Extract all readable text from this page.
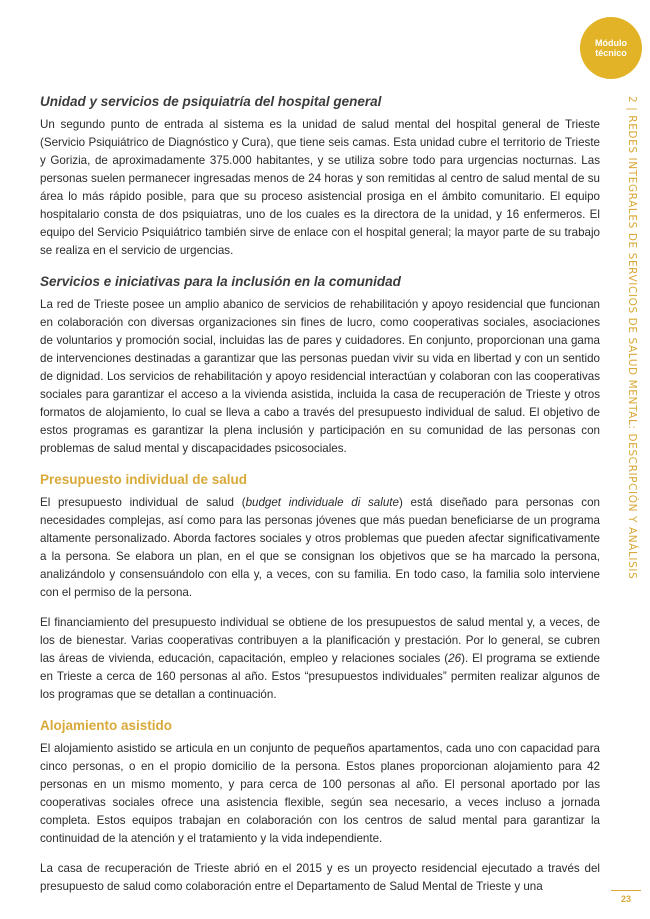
Módulo
técnico
2 | REDES INTEGRALES DE SERVICIOS DE SALUD MENTAL: DESCRIPCIÓN Y ANÁLISIS
Unidad y servicios de psiquiatría del hospital general

Un segundo punto de entrada al sistema es la unidad de salud mental del hospital general de Trieste (Servicio Psiquiátrico de Diagnóstico y Cura), que tiene seis camas. Esta unidad cubre el territorio de Trieste y Gorizia, de aproximadamente 375.000 habitantes, y se utiliza sobre todo para urgencias nocturnas. Las personas suelen permanecer ingresadas menos de 24 horas y son remitidas al centro de salud mental de su área lo más rápido posible, para que su proceso asistencial prosiga en el ámbito comunitario. El equipo hospitalario consta de dos psiquiatras, uno de los cuales es la directora de la unidad, y 16 enfermeros. El equipo del Servicio Psiquiátrico también sirve de enlace con el hospital general; la mayor parte de su trabajo se realiza en el servicio de urgencias.

Servicios e iniciativas para la inclusión en la comunidad

La red de Trieste posee un amplio abanico de servicios de rehabilitación y apoyo residencial que funcionan en colaboración con diversas organizaciones sin fines de lucro, como cooperativas sociales, asociaciones de voluntarios y promoción social, incluidas las de pares y cuidadores. En conjunto, proporcionan una gama de intervenciones destinadas a garantizar que las personas puedan vivir su vida en libertad y con un sentido de dignidad. Los servicios de rehabilitación y apoyo residencial interactúan y colaboran con las cooperativas sociales para garantizar el acceso a la vivienda asistida, incluida la casa de recuperación de Trieste y otros formatos de alojamiento, lo cual se lleva a cabo a través del presupuesto individual de salud. El objetivo de estos programas es garantizar la plena inclusión y participación en su comunidad de las personas con problemas de salud mental y discapacidades psicosociales.

Presupuesto individual de salud

El presupuesto individual de salud (budget individuale di salute) está diseñado para personas con necesidades complejas, así como para las personas jóvenes que más puedan beneficiarse de un programa altamente personalizado. Aborda factores sociales y otros problemas que pueden afectar significativamente a la persona. Se elabora un plan, en el que se consignan los objetivos que se ha marcado la persona, analizándolo y consensuándolo con ella y, a veces, con su familia. En todo caso, la familia solo interviene con el permiso de la persona.

El financiamiento del presupuesto individual se obtiene de los presupuestos de salud mental y, a veces, de los de bienestar. Varias cooperativas contribuyen a la planificación y prestación. Por lo general, se cubren las áreas de vivienda, educación, capacitación, empleo y relaciones sociales (26). El programa se extiende en Trieste a cerca de 160 personas al año. Estos “presupuestos individuales” permiten realizar algunos de los programas que se detallan a continuación.

Alojamiento asistido

El alojamiento asistido se articula en un conjunto de pequeños apartamentos, cada uno con capacidad para cinco personas, o en el propio domicilio de la persona. Estos planes proporcionan alojamiento para 42 personas en un mismo momento, y para cerca de 100 personas al año. El personal aportado por las cooperativas sociales ofrece una asistencia flexible, según sea necesario, a veces incluso a jornada completa. Estos equipos trabajan en colaboración con los centros de salud mental para garantizar la continuidad de la atención y el tratamiento y la vida independiente.

La casa de recuperación de Trieste abrió en el 2015 y es un proyecto residencial ejecutado a través del presupuesto de salud como colaboración entre el Departamento de Salud Mental de Trieste y una

23
